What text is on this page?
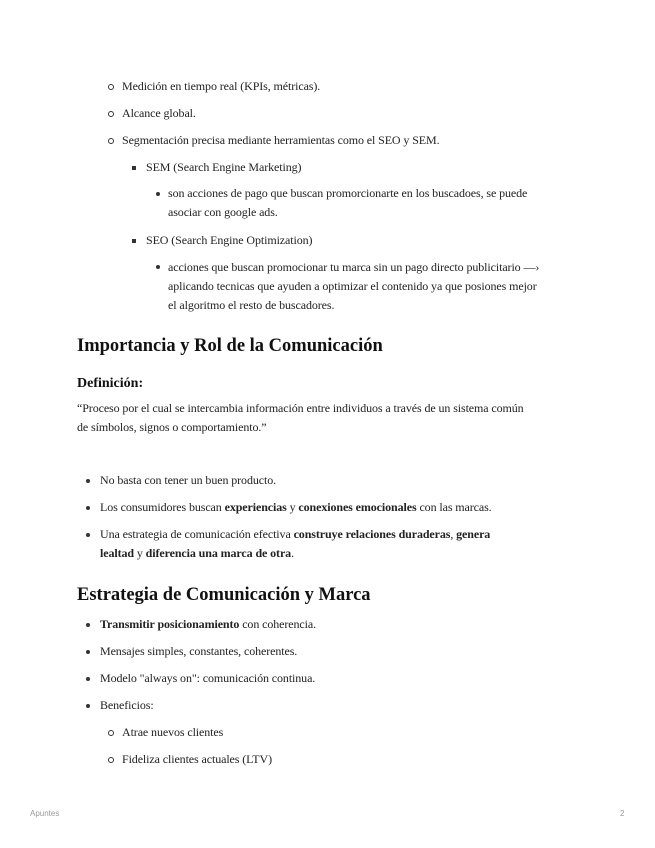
Medición en tiempo real (KPIs, métricas).
Alcance global.
Segmentación precisa mediante herramientas como el SEO y SEM.
SEM (Search Engine Marketing)
son acciones de pago que buscan promorcionarte en los buscadoes, se puede
asociar con google ads.
SEO (Search Engine Optimization)
acciones que buscan promocionar tu marca sin un pago directo publicitario —›
aplicando tecnicas que ayuden a optimizar el contenido ya que posiones mejor
el algoritmo el resto de buscadores.
Importancia y Rol de la Comunicación
Definición:
“Proceso por el cual se intercambia información entre individuos a través de un sistema común
de símbolos, signos o comportamiento.”
No basta con tener un buen producto.
Los consumidores buscan experiencias y conexiones emocionales con las marcas.
Una estrategia de comunicación efectiva construye relaciones duraderas, genera
lealtad y diferencia una marca de otra.
Estrategia de Comunicación y Marca
Transmitir posicionamiento con coherencia.
Mensajes simples, constantes, coherentes.
Modelo "always on": comunicación continua.
Beneficios:
Atrae nuevos clientes
Fideliza clientes actuales (LTV)
Apuntes	2
